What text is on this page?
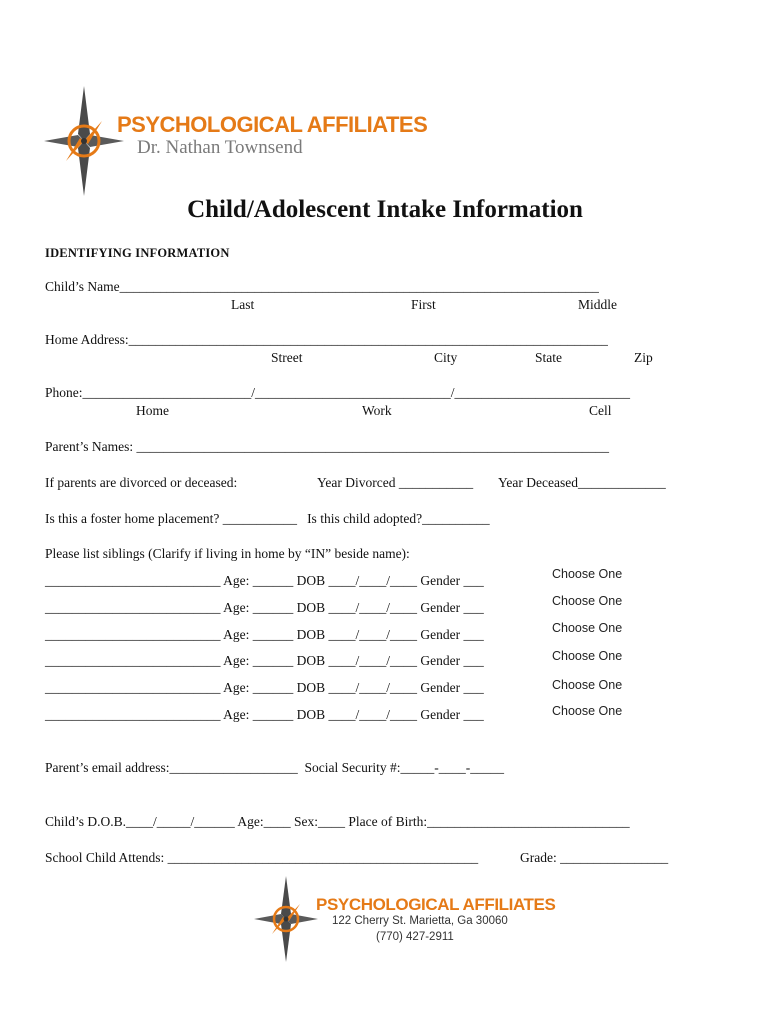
PSYCHOLOGICAL AFFILIATES
Dr. Nathan Townsend
Child/Adolescent Intake Information
IDENTIFYING INFORMATION
Child’s Name_______________________________________________________________________
Last	First	Middle
Home Address:_______________________________________________________________________
Street	City	State	Zip
Phone:_________________________/_____________________________/__________________________
Home	Work	Cell
Parent’s Names: ______________________________________________________________________
If parents are divorced or deceased:	Year Divorced ___________ Year Deceased_____________
Is this a foster home placement? ___________   Is this child adopted?__________
Please list siblings (Clarify if living in home by “IN” beside name):
__________________________ Age: ______ DOB ____/____/____ Gender ___	Choose One
__________________________ Age: ______ DOB ____/____/____ Gender ___	Choose One
__________________________ Age: ______ DOB ____/____/____ Gender ___	Choose One
__________________________ Age: ______ DOB ____/____/____ Gender ___	Choose One
__________________________ Age: ______ DOB ____/____/____ Gender ___	Choose One
__________________________ Age: ______ DOB ____/____/____ Gender ___	Choose One
Parent’s email address:___________________  Social Security #:_____-____-_____
Child’s D.O.B.____/_____/______ Age:____ Sex:____ Place of Birth:______________________________
School Child Attends: ______________________________________________	Grade: ________________
PSYCHOLOGICAL AFFILIATES
122 Cherry St. Marietta, Ga 30060
(770) 427-2911
